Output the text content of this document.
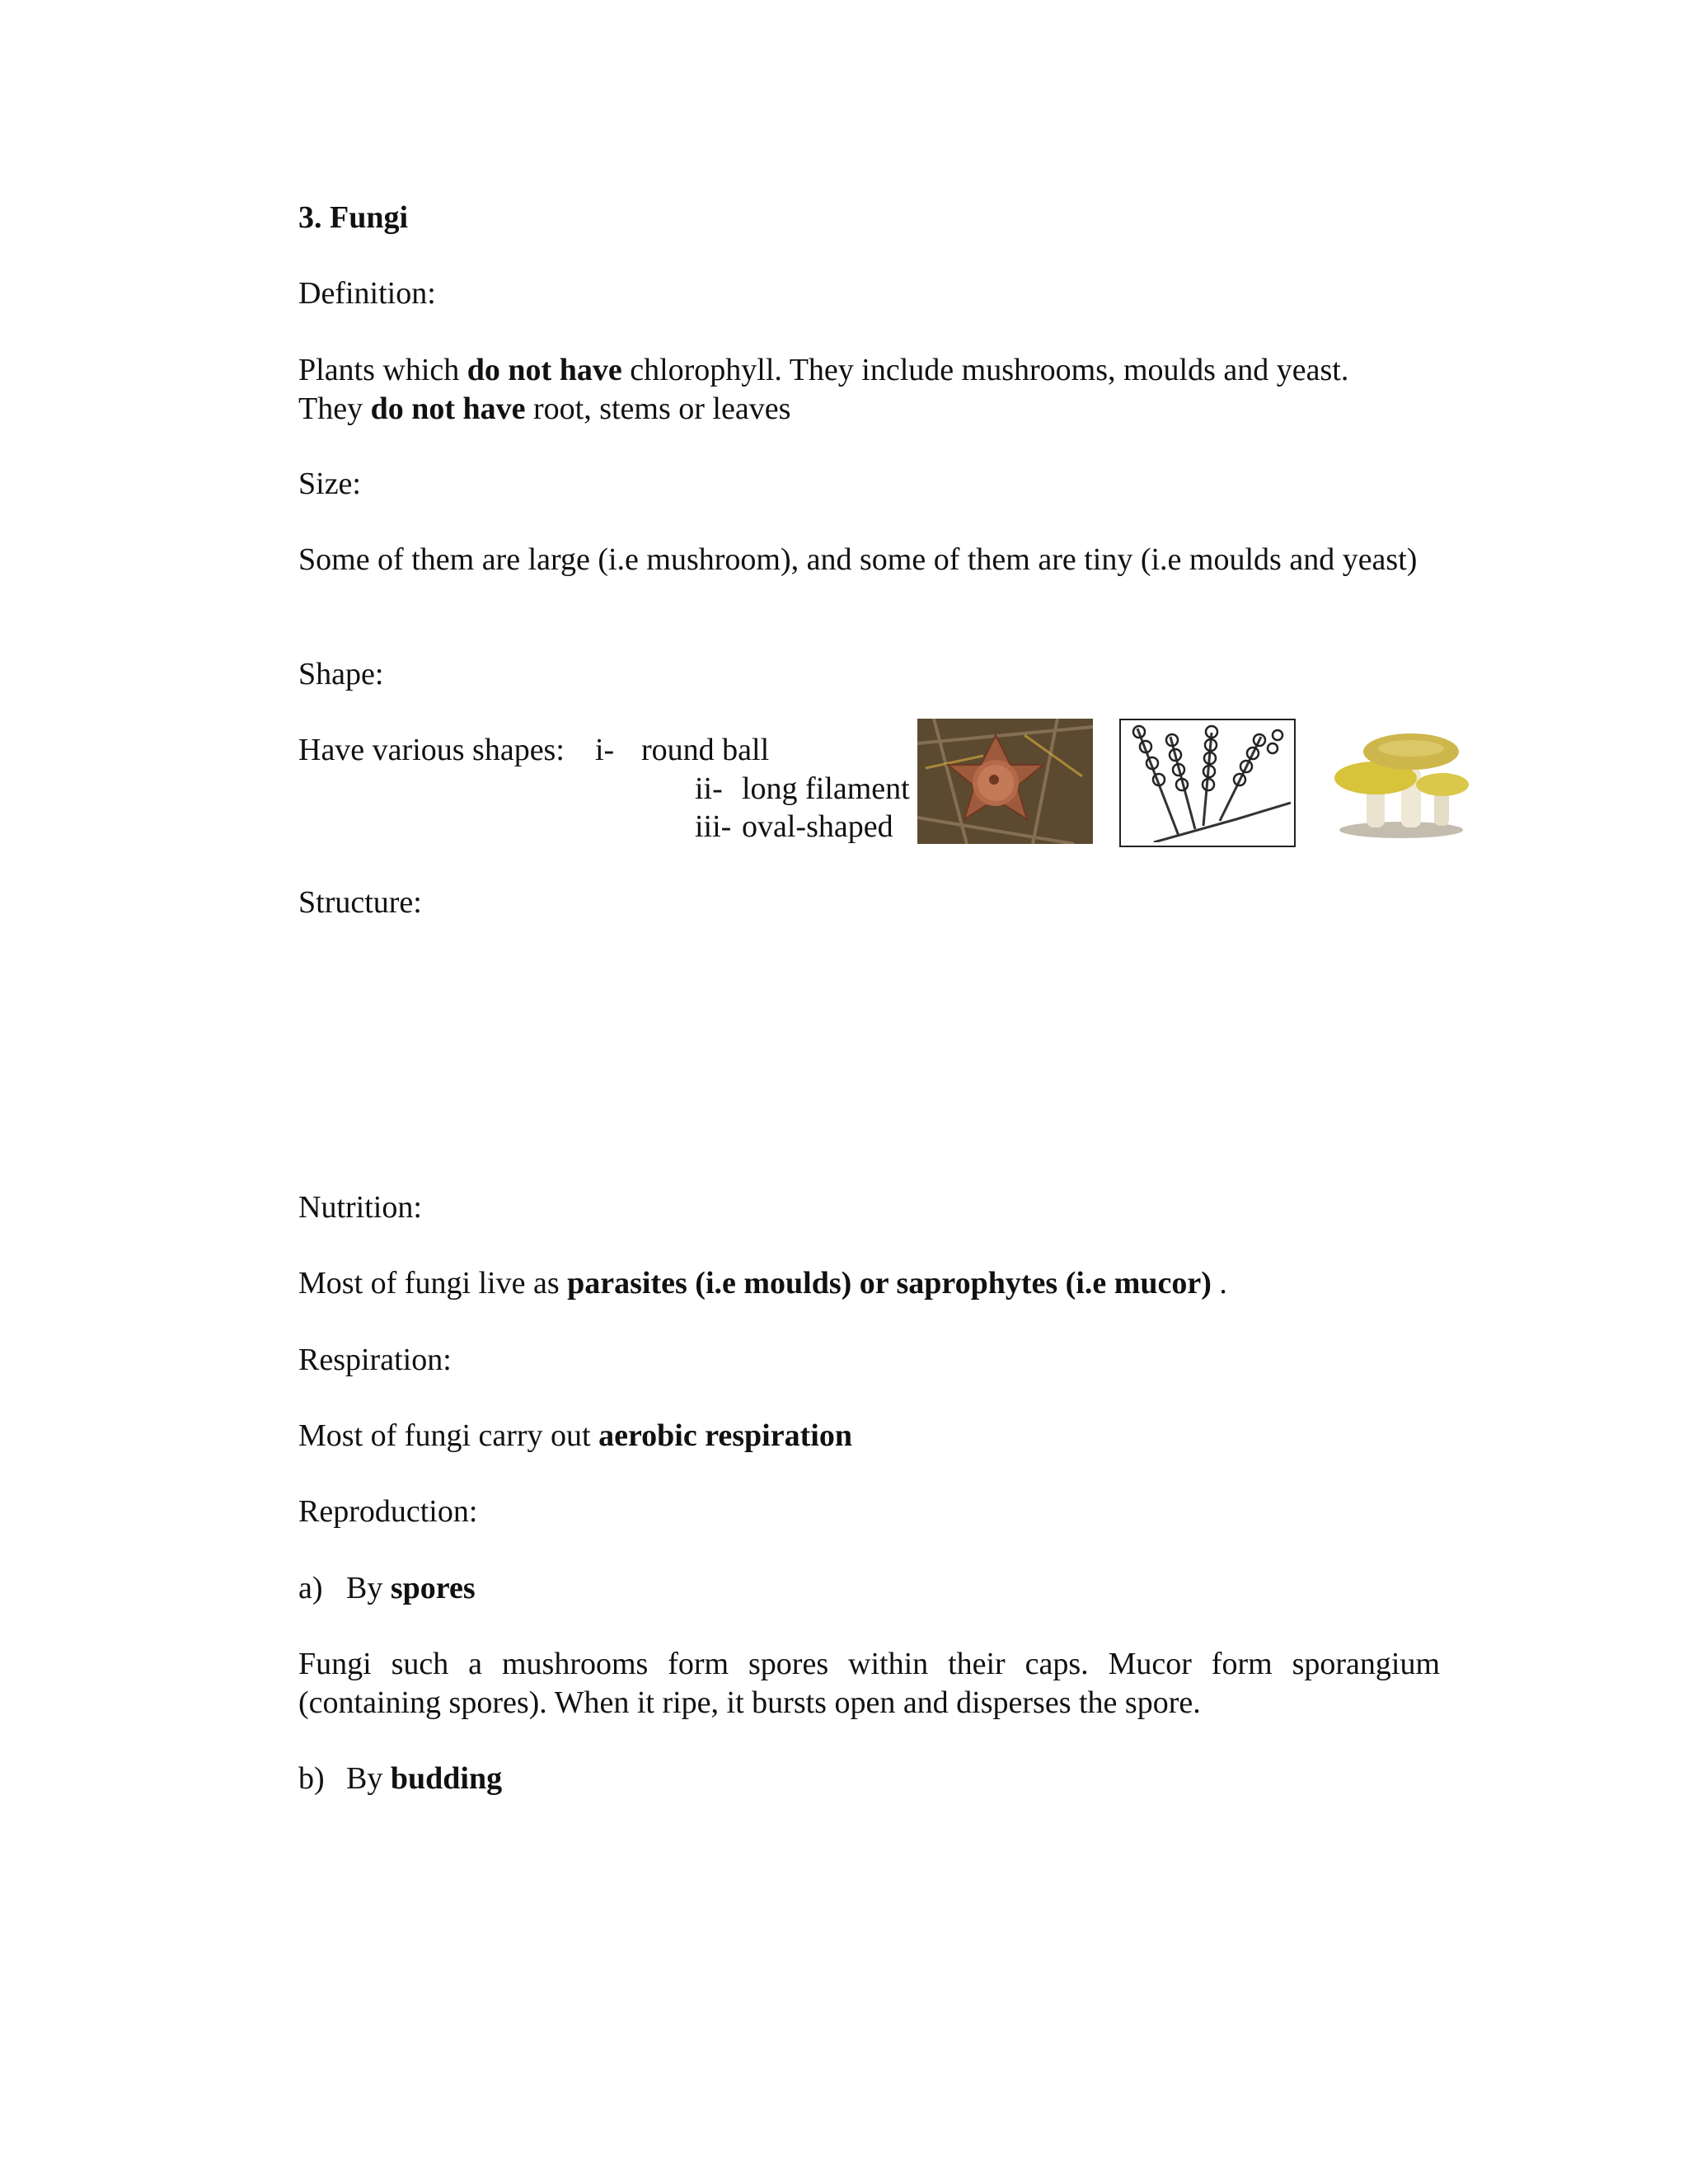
3. Fungi
Definition:
Plants which do not have chlorophyll. They include mushrooms, moulds and yeast.
They do not have root, stems or leaves
Size:
Some of them are large (i.e mushroom), and some of them are tiny (i.e moulds and yeast)
Shape:
Have various shapes: i- round ball
ii- long filament
iii- oval-shaped
Structure:
Nutrition:
Most of fungi live as parasites (i.e moulds) or saprophytes (i.e mucor) .
Respiration:
Most of fungi carry out aerobic respiration
Reproduction:
a) By spores
Fungi such a mushrooms form spores within their caps. Mucor form sporangium (containing spores). When it ripe, it bursts open and disperses the spore.
b) By budding
